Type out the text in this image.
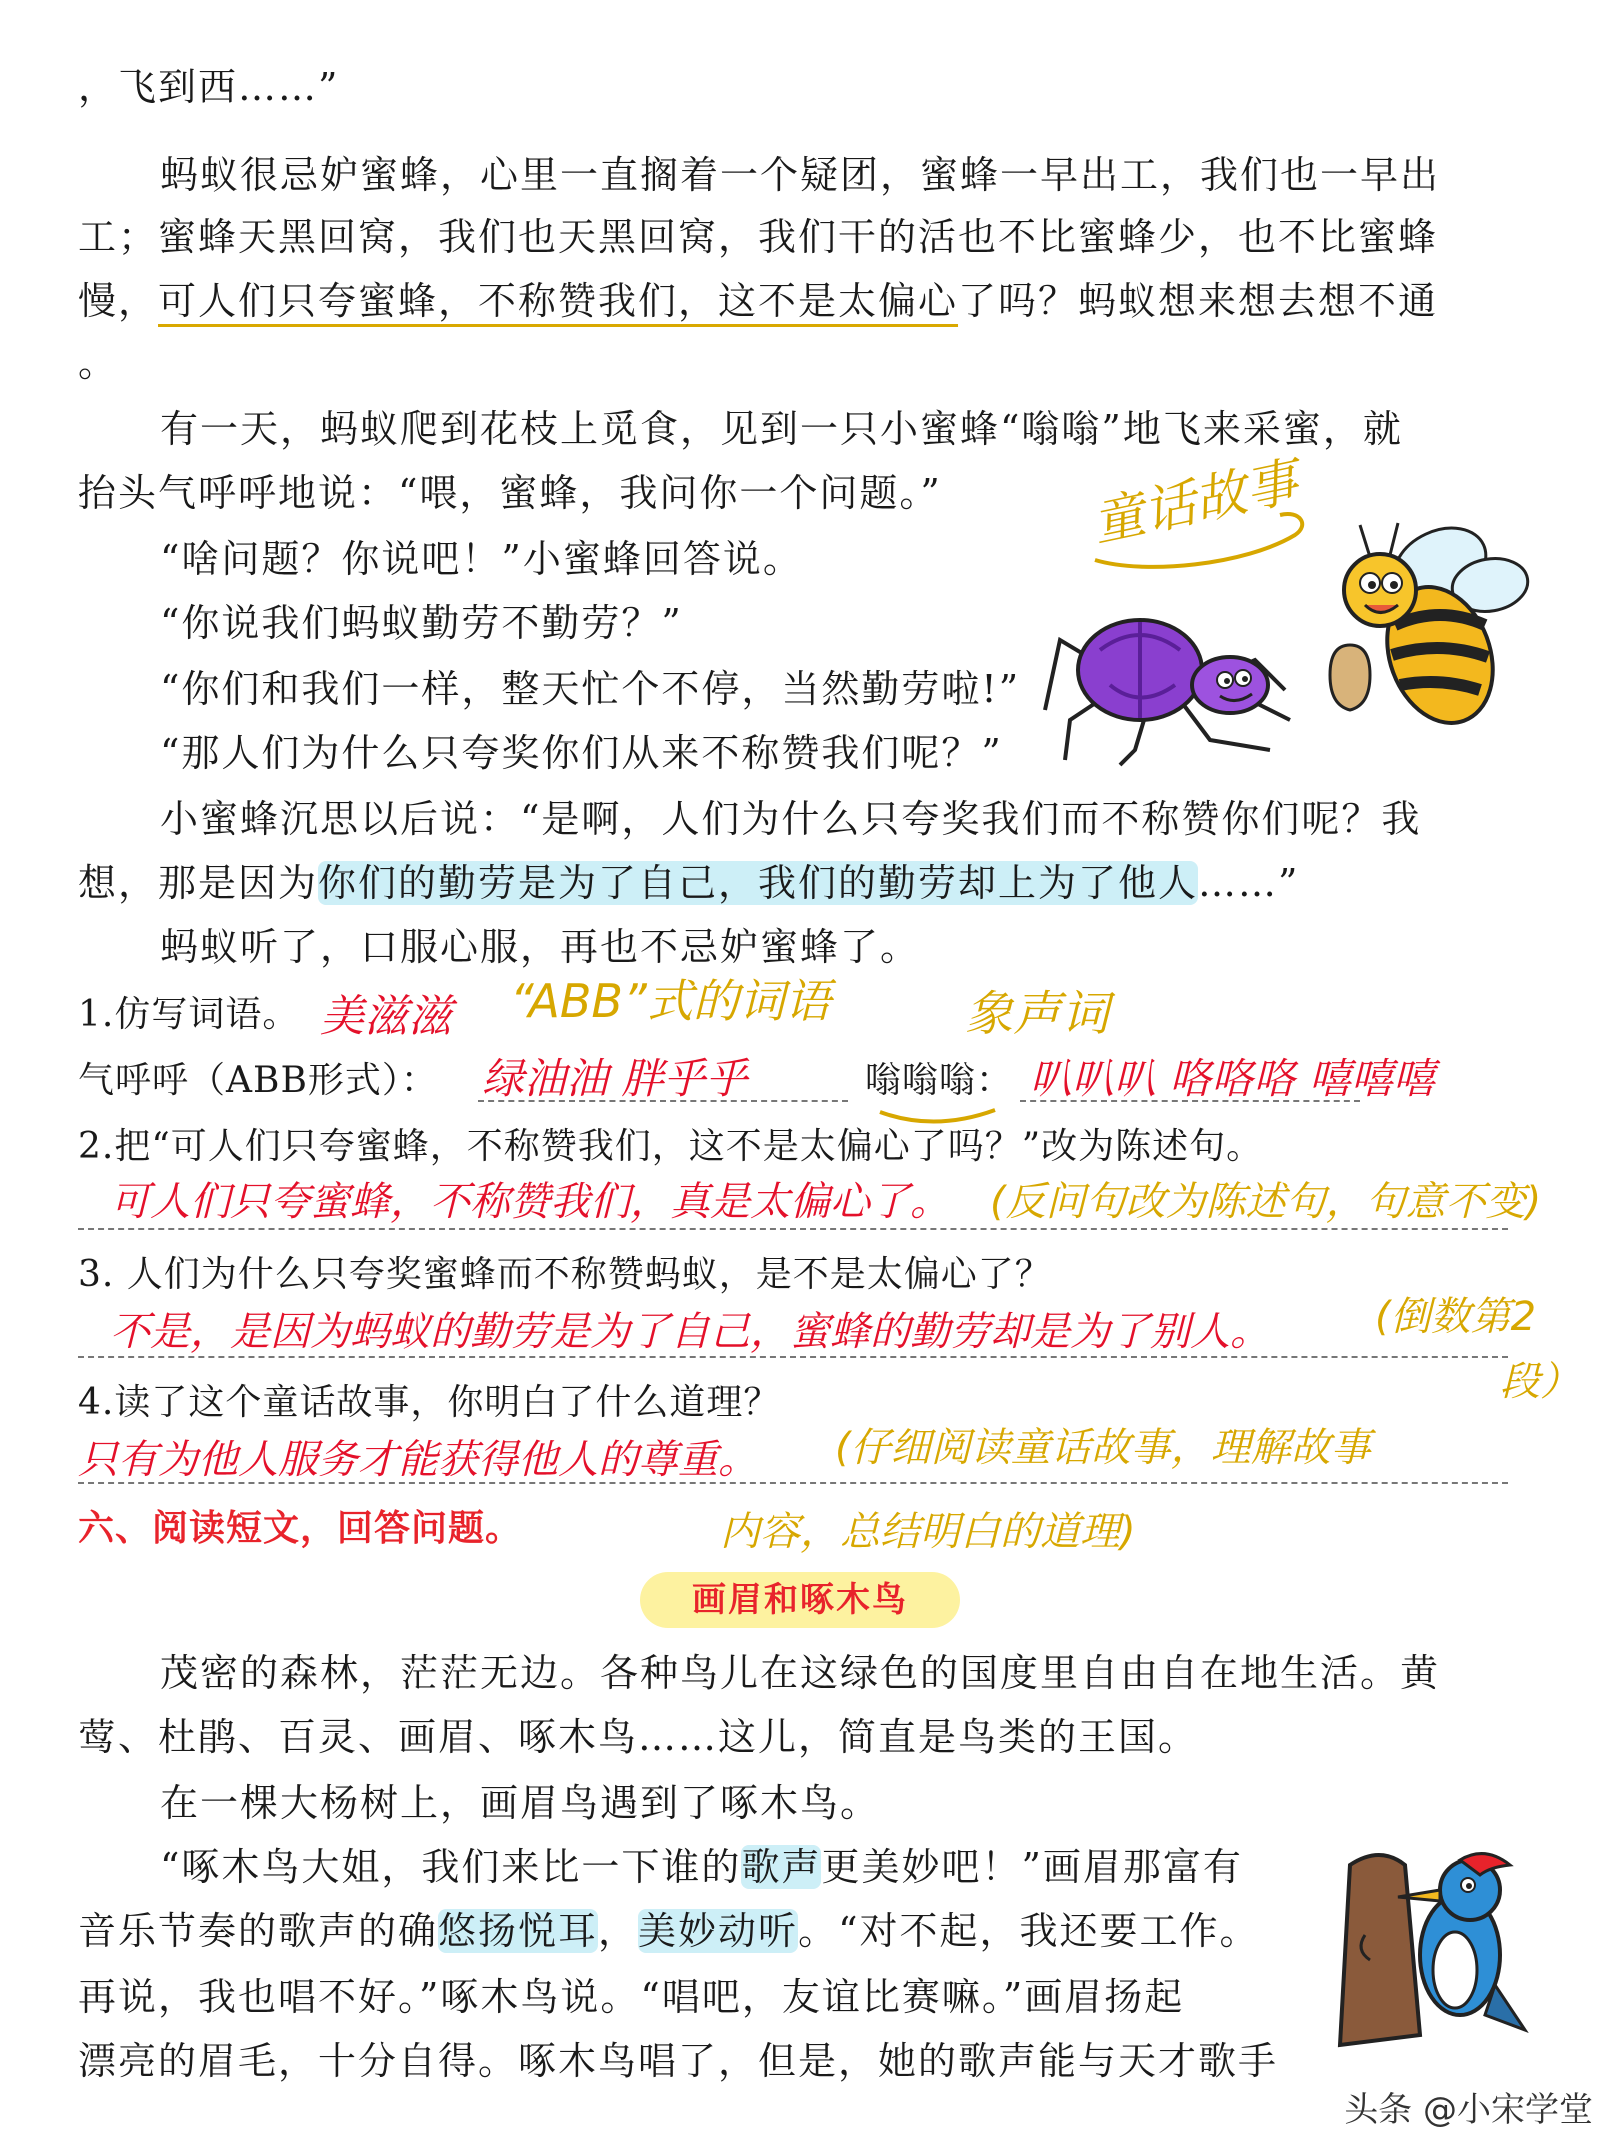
，飞到西……”
蚂蚁很忌妒蜜蜂，心里一直搁着一个疑团，蜜蜂一早出工，我们也一早出
工；蜜蜂天黑回窝，我们也天黑回窝，我们干的活也不比蜜蜂少，也不比蜜蜂
慢，可人们只夸蜜蜂，不称赞我们，这不是太偏心了吗？蚂蚁想来想去想不通
。
有一天，蚂蚁爬到花枝上觅食，见到一只小蜜蜂“嗡嗡”地飞来采蜜，就
抬头气呼呼地说：“喂，蜜蜂，我问你一个问题。”
“啥问题？你说吧！”小蜜蜂回答说。
“你说我们蚂蚁勤劳不勤劳？”
“你们和我们一样，整天忙个不停，当然勤劳啦!”
“那人们为什么只夸奖你们从来不称赞我们呢？”
小蜜蜂沉思以后说：“是啊，人们为什么只夸奖我们而不称赞你们呢？我
想，那是因为你们的勤劳是为了自己，我们的勤劳却上为了他人……”
蚂蚁听了，口服心服，再也不忌妒蜜蜂了。
童话故事
1.仿写词语。 美滋滋 “ABB”式的词语	象声词
气呼呼（ABB形式）： 绿油油 胖乎乎	嗡嗡嗡： 叭叭叭 咯咯咯 嘻嘻嘻
2.把“可人们只夸蜜蜂，不称赞我们，这不是太偏心了吗？”改为陈述句。
可人们只夸蜜蜂，不称赞我们，真是太偏心了。 (反问句改为陈述句，句意不变)
3. 人们为什么只夸奖蜜蜂而不称赞蚂蚁，是不是太偏心了？
不是，是因为蚂蚁的勤劳是为了自己，蜜蜂的勤劳却是为了别人。	(倒数第2
段）
4.读了这个童话故事，你明白了什么道理？
只有为他人服务才能获得他人的尊重。 (仔细阅读童话故事，理解故事
内容，总结明白的道理)
六、阅读短文，回答问题。
画眉和啄木鸟
茂密的森林，茫茫无边。各种鸟儿在这绿色的国度里自由自在地生活。黄
莺、杜鹃、百灵、画眉、啄木鸟……这儿，简直是鸟类的王国。
在一棵大杨树上，画眉鸟遇到了啄木鸟。
“啄木鸟大姐，我们来比一下谁的歌声更美妙吧！”画眉那富有
音乐节奏的歌声的确悠扬悦耳，美妙动听。“对不起，我还要工作。
再说，我也唱不好。”啄木鸟说。“唱吧，友谊比赛嘛。”画眉扬起
漂亮的眉毛，十分自得。啄木鸟唱了，但是，她的歌声能与天才歌手
头条 @小宋学堂
